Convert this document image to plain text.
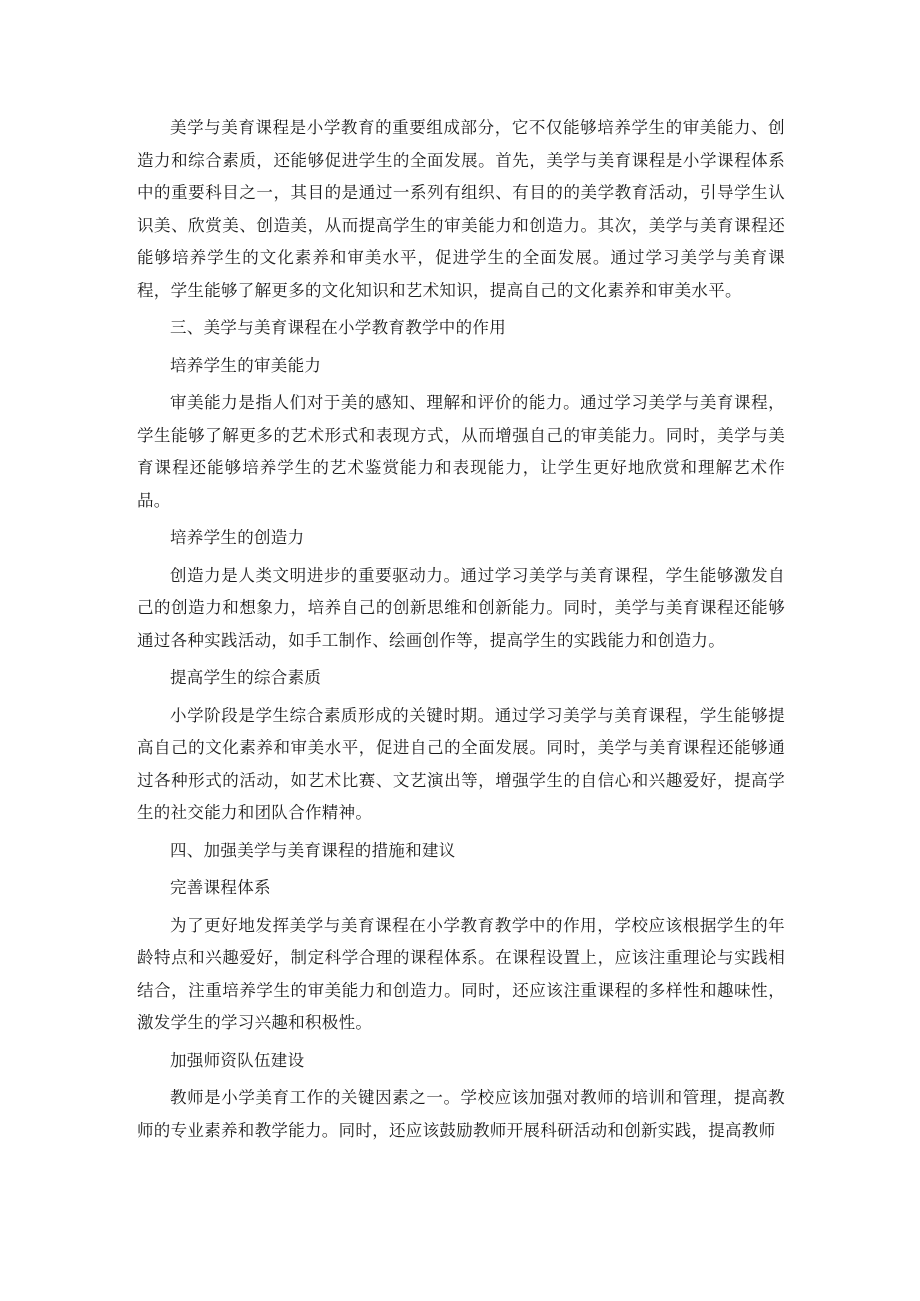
美学与美育课程是小学教育的重要组成部分，它不仅能够培养学生的审美能力、创造力和综合素质，还能够促进学生的全面发展。首先，美学与美育课程是小学课程体系中的重要科目之一，其目的是通过一系列有组织、有目的的美学教育活动，引导学生认识美、欣赏美、创造美，从而提高学生的审美能力和创造力。其次，美学与美育课程还能够培养学生的文化素养和审美水平，促进学生的全面发展。通过学习美学与美育课程，学生能够了解更多的文化知识和艺术知识，提高自己的文化素养和审美水平。

三、美学与美育课程在小学教育教学中的作用

培养学生的审美能力

审美能力是指人们对于美的感知、理解和评价的能力。通过学习美学与美育课程，学生能够了解更多的艺术形式和表现方式，从而增强自己的审美能力。同时，美学与美育课程还能够培养学生的艺术鉴赏能力和表现能力，让学生更好地欣赏和理解艺术作品。

培养学生的创造力

创造力是人类文明进步的重要驱动力。通过学习美学与美育课程，学生能够激发自己的创造力和想象力，培养自己的创新思维和创新能力。同时，美学与美育课程还能够通过各种实践活动，如手工制作、绘画创作等，提高学生的实践能力和创造力。

提高学生的综合素质

小学阶段是学生综合素质形成的关键时期。通过学习美学与美育课程，学生能够提高自己的文化素养和审美水平，促进自己的全面发展。同时，美学与美育课程还能够通过各种形式的活动，如艺术比赛、文艺演出等，增强学生的自信心和兴趣爱好，提高学生的社交能力和团队合作精神。

四、加强美学与美育课程的措施和建议

完善课程体系

为了更好地发挥美学与美育课程在小学教育教学中的作用，学校应该根据学生的年龄特点和兴趣爱好，制定科学合理的课程体系。在课程设置上，应该注重理论与实践相结合，注重培养学生的审美能力和创造力。同时，还应该注重课程的多样性和趣味性，激发学生的学习兴趣和积极性。

加强师资队伍建设

教师是小学美育工作的关键因素之一。学校应该加强对教师的培训和管理，提高教师的专业素养和教学能力。同时，还应该鼓励教师开展科研活动和创新实践，提高教师
